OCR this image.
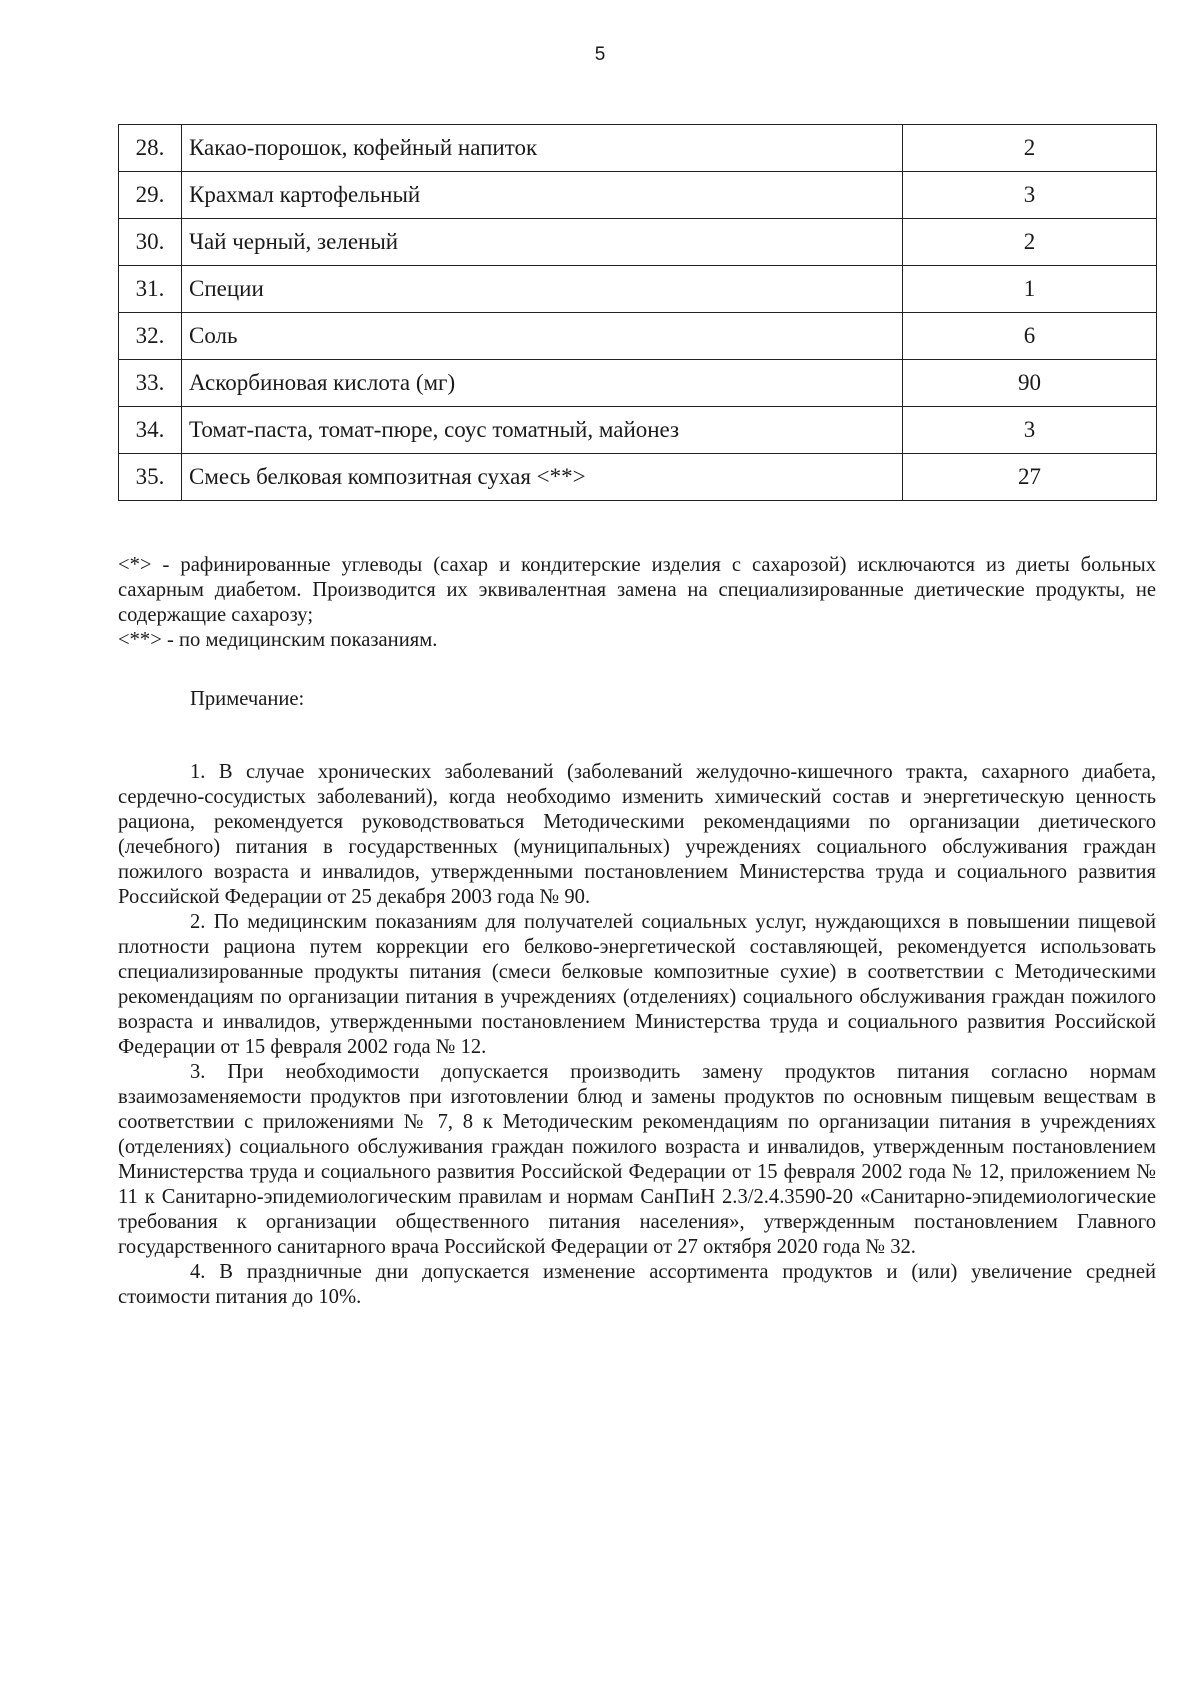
5
28.	Какао-порошок, кофейный напиток	2
29.	Крахмал картофельный	3
30.	Чай черный, зеленый	2
31.	Специи	1
32.	Соль	6
33.	Аскорбиновая кислота (мг)	90
34.	Томат-паста, томат-пюре, соус томатный, майонез	3
35.	Смесь белковая композитная сухая <**>	27

<*> - рафинированные углеводы (сахар и кондитерские изделия с сахарозой) исключаются из диеты больных сахарным диабетом. Производится их эквивалентная замена на специализированные диетические продукты, не содержащие сахарозу;

<**> - по медицинским показаниям.

Примечание:

1. В случае хронических заболеваний (заболеваний желудочно-кишечного тракта, сахарного диабета, сердечно-сосудистых заболеваний), когда необходимо изменить химический состав и энергетическую ценность рациона, рекомендуется руководствоваться Методическими рекомендациями по организации диетического (лечебного) питания в государственных (муниципальных) учреждениях социального обслуживания граждан пожилого возраста и инвалидов, утвержденными постановлением Министерства труда и социального развития Российской Федерации от 25 декабря 2003 года № 90.

2. По медицинским показаниям для получателей социальных услуг, нуждающихся в повышении пищевой плотности рациона путем коррекции его белково-энергетической составляющей, рекомендуется использовать специализированные продукты питания (смеси белковые композитные сухие) в соответствии с Методическими рекомендациям по организации питания в учреждениях (отделениях) социального обслуживания граждан пожилого возраста и инвалидов, утвержденными постановлением Министерства труда и социального развития Российской Федерации от 15 февраля 2002 года № 12.

3. При необходимости допускается производить замену продуктов питания согласно нормам взаимозаменяемости продуктов при изготовлении блюд и замены продуктов по основным пищевым веществам в соответствии с приложениями № 7, 8 к Методическим рекомендациям по организации питания в учреждениях (отделениях) социального обслуживания граждан пожилого возраста и инвалидов, утвержденным постановлением Министерства труда и социального развития Российской Федерации от 15 февраля 2002 года № 12, приложением № 11 к Санитарно-эпидемиологическим правилам и нормам СанПиН 2.3/2.4.3590-20 «Санитарно-эпидемиологические требования к организации общественного питания населения», утвержденным постановлением Главного государственного санитарного врача Российской Федерации от 27 октября 2020 года № 32.

4. В праздничные дни допускается изменение ассортимента продуктов и (или) увеличение средней стоимости питания до 10%.
